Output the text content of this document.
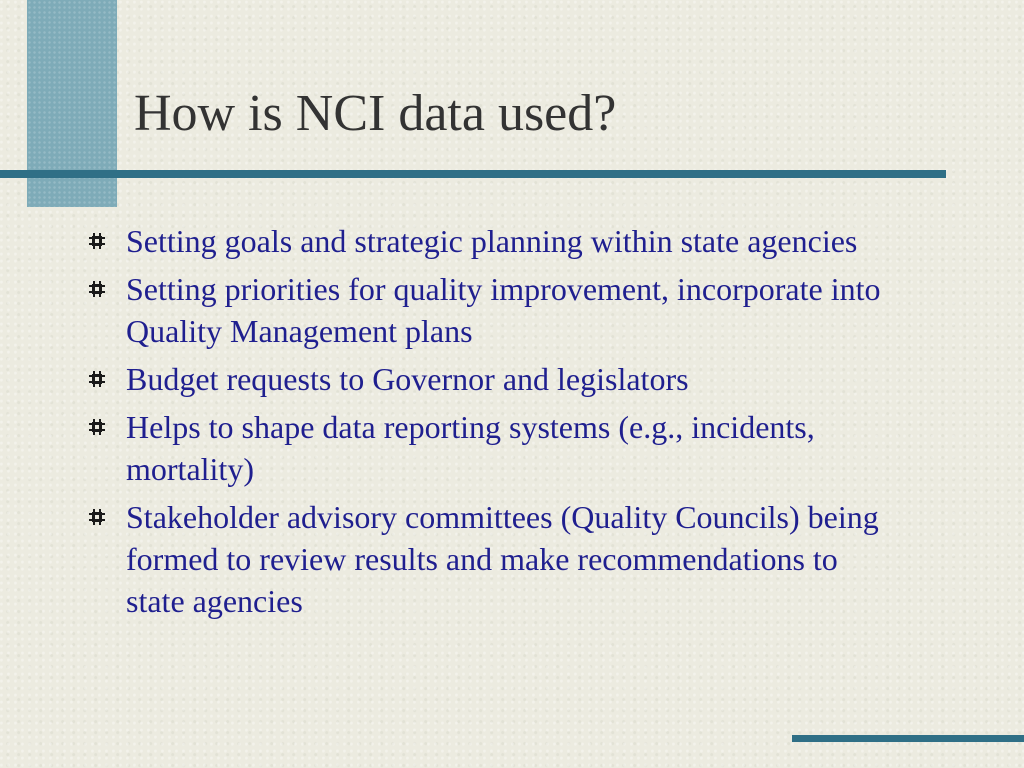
How is NCI data used?
Setting goals and strategic planning within state agencies
Setting priorities for quality improvement, incorporate into Quality Management plans
Budget requests to Governor and legislators
Helps to shape data reporting systems (e.g., incidents, mortality)
Stakeholder advisory committees (Quality Councils) being formed to review results and make recommendations to state agencies
